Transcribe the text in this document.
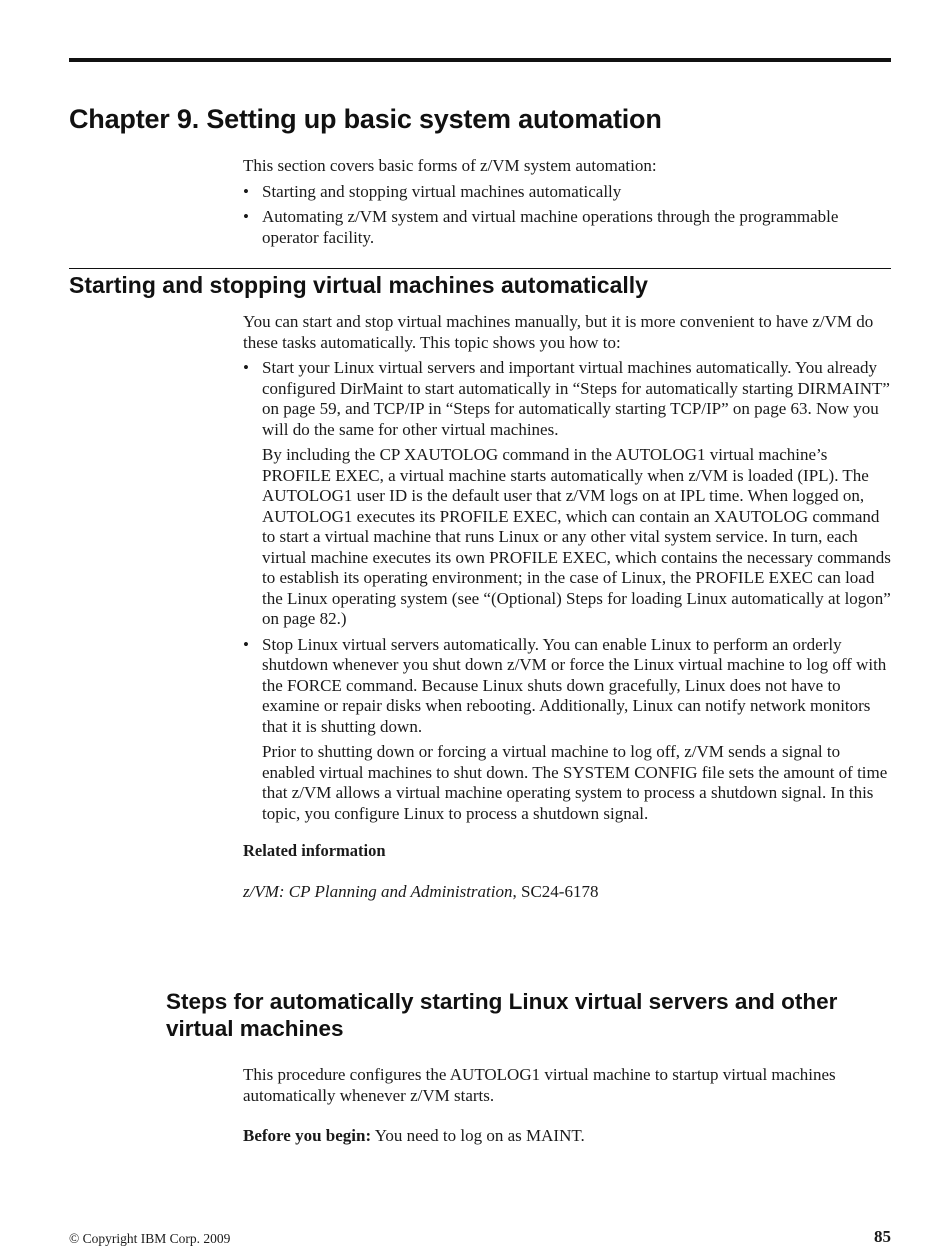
Chapter 9. Setting up basic system automation

This section covers basic forms of z/VM system automation:

• Starting and stopping virtual machines automatically
• Automating z/VM system and virtual machine operations through the programmable operator facility.
Starting and stopping virtual machines automatically

You can start and stop virtual machines manually, but it is more convenient to have z/VM do these tasks automatically. This topic shows you how to:

• Start your Linux virtual servers and important virtual machines automatically. You already configured DirMaint to start automatically in “Steps for automatically starting DIRMAINT” on page 59, and TCP/IP in “Steps for automatically starting TCP/IP” on page 63. Now you will do the same for other virtual machines.

By including the CP XAUTOLOG command in the AUTOLOG1 virtual machine’s PROFILE EXEC, a virtual machine starts automatically when z/VM is loaded (IPL). The AUTOLOG1 user ID is the default user that z/VM logs on at IPL time. When logged on, AUTOLOG1 executes its PROFILE EXEC, which can contain an XAUTOLOG command to start a virtual machine that runs Linux or any other vital system service. In turn, each virtual machine executes its own PROFILE EXEC, which contains the necessary commands to establish its operating environment; in the case of Linux, the PROFILE EXEC can load the Linux operating system (see “(Optional) Steps for loading Linux automatically at logon” on page 82.)

• Stop Linux virtual servers automatically. You can enable Linux to perform an orderly shutdown whenever you shut down z/VM or force the Linux virtual machine to log off with the FORCE command. Because Linux shuts down gracefully, Linux does not have to examine or repair disks when rebooting. Additionally, Linux can notify network monitors that it is shutting down.

Prior to shutting down or forcing a virtual machine to log off, z/VM sends a signal to enabled virtual machines to shut down. The SYSTEM CONFIG file sets the amount of time that z/VM allows a virtual machine operating system to process a shutdown signal. In this topic, you configure Linux to process a shutdown signal.

Related information
z/VM: CP Planning and Administration, SC24-6178
Steps for automatically starting Linux virtual servers and other virtual machines

This procedure configures the AUTOLOG1 virtual machine to startup virtual machines automatically whenever z/VM starts.

Before you begin: You need to log on as MAINT.

© Copyright IBM Corp. 2009	85
